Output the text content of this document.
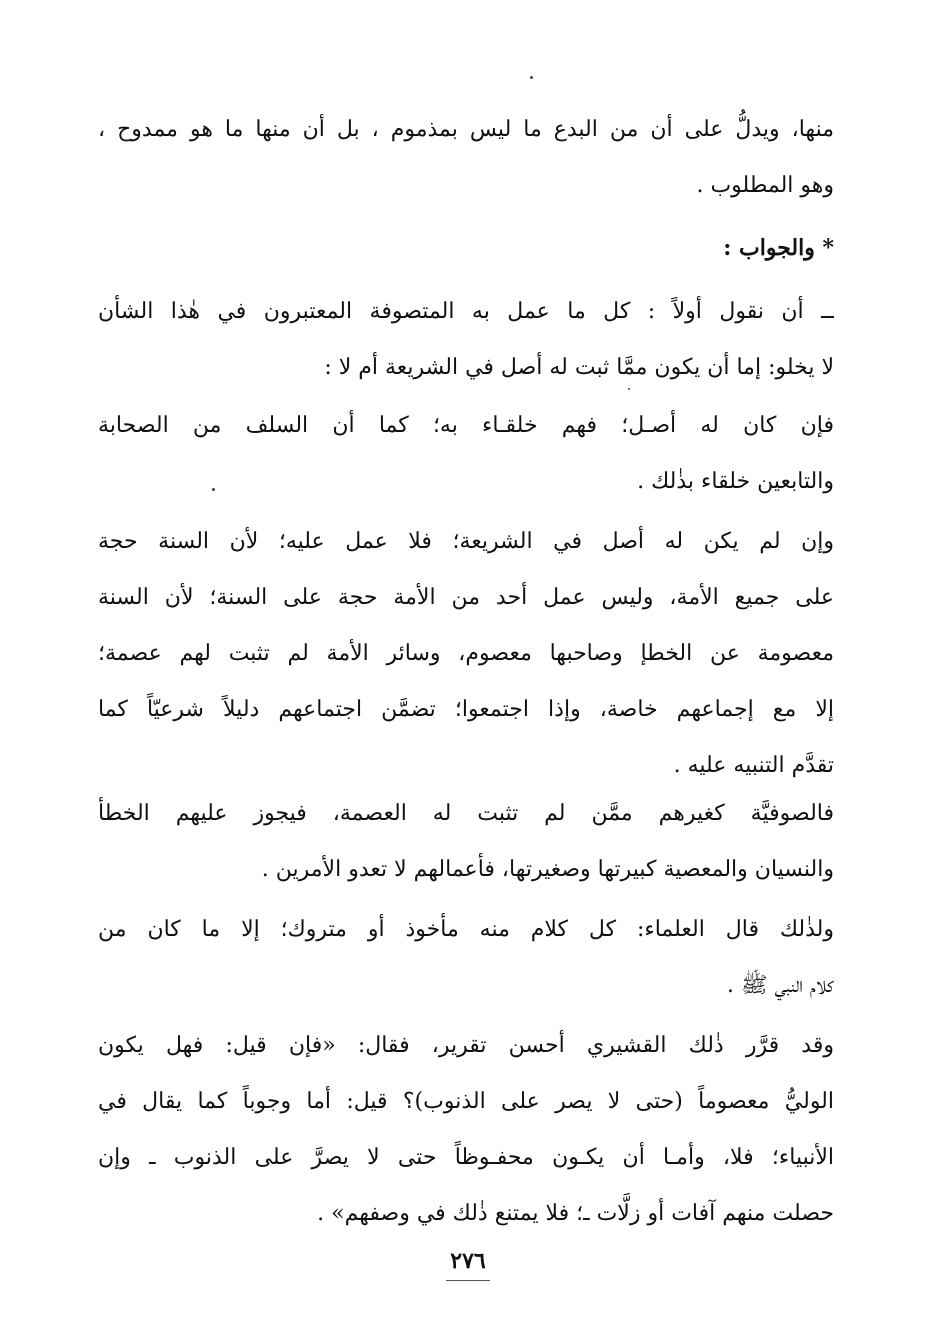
منها، ويدلُّ على أن من البدع ما ليس بمذموم ، بل أن منها ما هو ممدوح ،
وهو المطلوب .
* والجواب :
ــ أن نقول أولاً : كل ما عمل به المتصوفة المعتبرون في هٰذا الشأن
لا يخلو: إما أن يكون ممَّا ثبت له أصل في الشريعة أم لا :
فإن كان له أصـل؛ فهم خلقـاء به؛ كما أن السلف من الصحابة
والتابعين خلقاء بذٰلك .
وإن لم يكن له أصل في الشريعة؛ فلا عمل عليه؛ لأن السنة حجة
على جميع الأمة، وليس عمل أحد من الأمة حجة على السنة؛ لأن السنة
معصومة عن الخطإ وصاحبها معصوم، وسائر الأمة لم تثبت لهم عصمة؛
إلا مع إجماعهم خاصة، وإذا اجتمعوا؛ تضمَّن اجتماعهم دليلاً شرعيّاً كما
تقدَّم التنبيه عليه .
فالصوفيَّة كغيرهم ممَّن لم تثبت له العصمة، فيجوز عليهم الخطأ
والنسيان والمعصية كبيرتها وصغيرتها، فأعمالهم لا تعدو الأمرين .
ولذٰلك قال العلماء: كل كلام منه مأخوذ أو متروك؛ إلا ما كان من
كلام النبي ﷺ .
وقد قرَّر ذٰلك القشيري أحسن تقرير، فقال: «فإن قيل: فهل يكون
الوليُّ معصوماً (حتى لا يصر على الذنوب)؟ قيل: أما وجوباً كما يقال في
الأنبياء؛ فلا، وأمـا أن يكـون محفـوظاً حتى لا يصرَّ على الذنوب ـ وإن
حصلت منهم آفات أو زلَّات ـ؛ فلا يمتنع ذٰلك في وصفهم» .
٢٧٦
